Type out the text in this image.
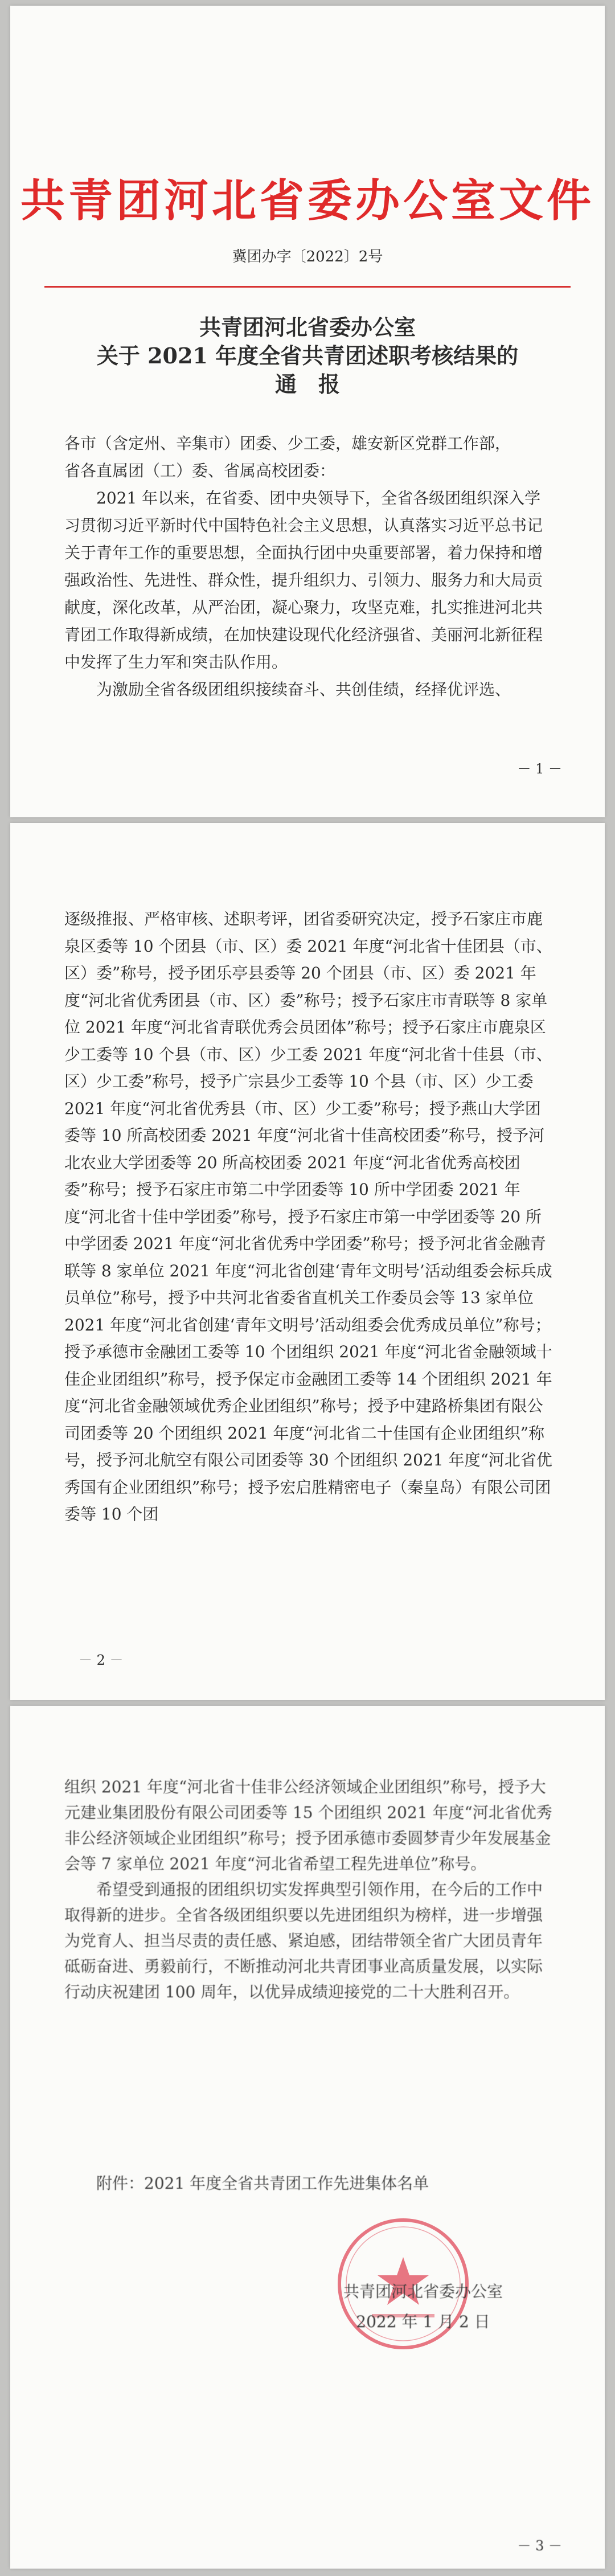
共青团河北省委办公室文件
冀团办字〔2022〕2号
共青团河北省委办公室
关于 2021 年度全省共青团述职考核结果的
通　报

各市（含定州、辛集市）团委、少工委，雄安新区党群工作部，

省各直属团（工）委、省属高校团委：

2021 年以来，在省委、团中央领导下，全省各级团组织深入学习贯彻习近平新时代中国特色社会主义思想，认真落实习近平总书记关于青年工作的重要思想，全面执行团中央重要部署，着力保持和增强政治性、先进性、群众性，提升组织力、引领力、服务力和大局贡献度，深化改革，从严治团，凝心聚力，攻坚克难，扎实推进河北共青团工作取得新成绩，在加快建设现代化经济强省、美丽河北新征程中发挥了生力军和突击队作用。

为激励全省各级团组织接续奋斗、共创佳绩，经择优评选、

－ 1 －

逐级推报、严格审核、述职考评，团省委研究决定，授予石家庄市鹿泉区委等 10 个团县（市、区）委 2021 年度“河北省十佳团县（市、区）委”称号，授予团乐亭县委等 20 个团县（市、区）委 2021 年度“河北省优秀团县（市、区）委”称号；授予石家庄市青联等 8 家单位 2021 年度“河北省青联优秀会员团体”称号；授予石家庄市鹿泉区少工委等 10 个县（市、区）少工委 2021 年度“河北省十佳县（市、区）少工委”称号，授予广宗县少工委等 10 个县（市、区）少工委 2021 年度“河北省优秀县（市、区）少工委”称号；授予燕山大学团委等 10 所高校团委 2021 年度“河北省十佳高校团委”称号，授予河北农业大学团委等 20 所高校团委 2021 年度“河北省优秀高校团委”称号；授予石家庄市第二中学团委等 10 所中学团委 2021 年度“河北省十佳中学团委”称号，授予石家庄市第一中学团委等 20 所中学团委 2021 年度“河北省优秀中学团委”称号；授予河北省金融青联等 8 家单位 2021 年度“河北省创建‘青年文明号’活动组委会标兵成员单位”称号，授予中共河北省委省直机关工作委员会等 13 家单位 2021 年度“河北省创建‘青年文明号’活动组委会优秀成员单位”称号；授予承德市金融团工委等 10 个团组织 2021 年度“河北省金融领域十佳企业团组织”称号，授予保定市金融团工委等 14 个团组织 2021 年度“河北省金融领域优秀企业团组织”称号；授予中建路桥集团有限公司团委等 20 个团组织 2021 年度“河北省二十佳国有企业团组织”称号，授予河北航空有限公司团委等 30 个团组织 2021 年度“河北省优秀国有企业团组织”称号；授予宏启胜精密电子（秦皇岛）有限公司团委等 10 个团

－ 2 －

组织 2021 年度“河北省十佳非公经济领域企业团组织”称号，授予大元建业集团股份有限公司团委等 15 个团组织 2021 年度“河北省优秀非公经济领域企业团组织”称号；授予团承德市委圆梦青少年发展基金会等 7 家单位 2021 年度“河北省希望工程先进单位”称号。

希望受到通报的团组织切实发挥典型引领作用，在今后的工作中取得新的进步。全省各级团组织要以先进团组织为榜样，进一步增强为党育人、担当尽责的责任感、紧迫感，团结带领全省广大团员青年砥砺奋进、勇毅前行，不断推动河北共青团事业高质量发展，以实际行动庆祝建团 100 周年，以优异成绩迎接党的二十大胜利召开。

附件：2021 年度全省共青团工作先进集体名单
共青团河北省委办公室
2022 年 1 月 2 日
－ 3 －
